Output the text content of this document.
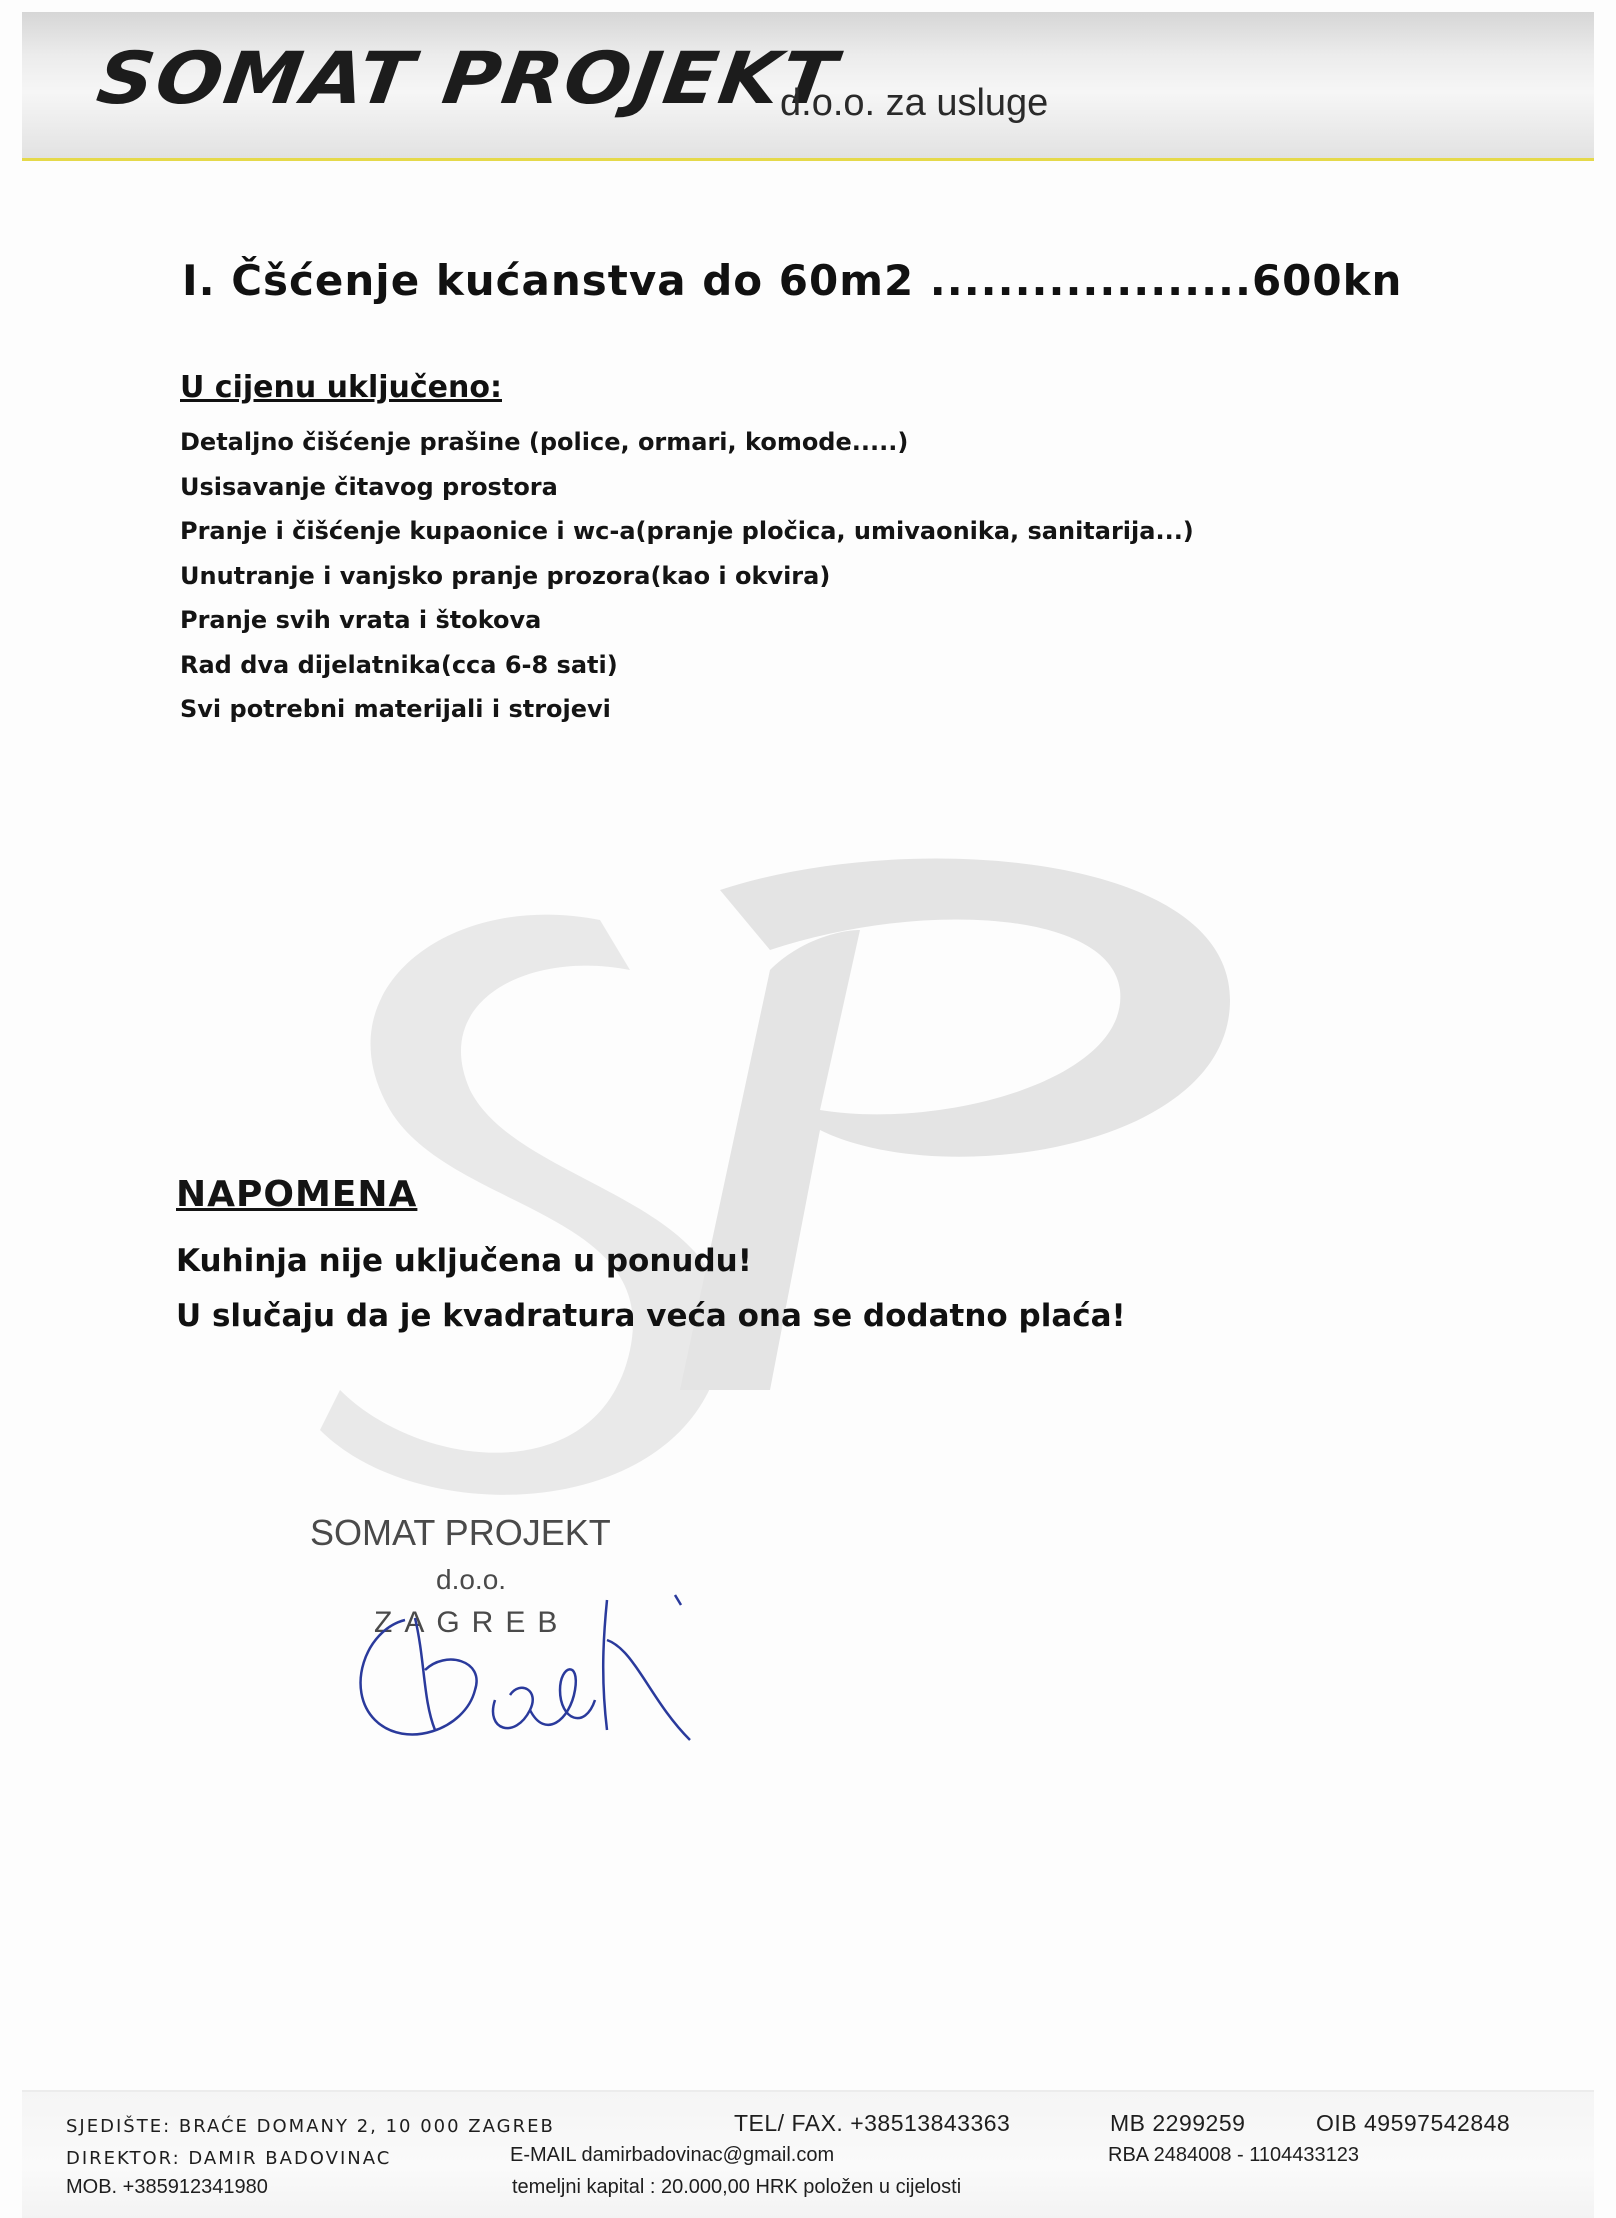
SOMAT PROJEKT
d.o.o. za usluge
I. Čšćenje kućanstva do 60m2 ...................600kn
U cijenu uključeno:
Detaljno čišćenje prašine (police, ormari, komode.....)
Usisavanje čitavog prostora
Pranje i čišćenje kupaonice i wc-a(pranje pločica, umivaonika, sanitarija...)
Unutranje i vanjsko pranje prozora(kao i okvira)
Pranje svih vrata i štokova
Rad dva dijelatnika(cca 6-8 sati)
Svi potrebni materijali i strojevi
NAPOMENA
Kuhinja nije uključena u ponudu!
U slučaju da je kvadratura veća ona se dodatno plaća!
SOMAT PROJEKT
d.o.o.
ZAGREB
SJEDIŠTE: BRAĆE DOMANY 2, 10 000 ZAGREB	TEL/ FAX. +38513843363	MB 2299259	OIB 49597542848
DIREKTOR: DAMIR BADOVINAC	E-MAIL damirbadovinac@gmail.com	RBA 2484008 - 1104433123
MOB. +385912341980	temeljni kapital : 20.000,00 HRK položen u cijelosti
